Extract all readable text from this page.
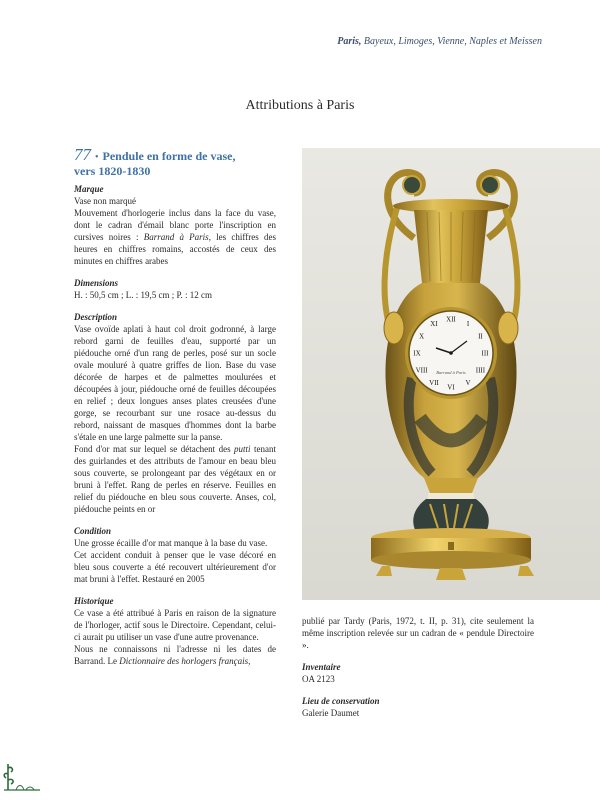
Paris, Bayeux, Limoges, Vienne, Naples et Meissen
Attributions à Paris
77 • Pendule en forme de vase,
vers 1820-1830

Marque

Vase non marqué

Mouvement d'horlogerie inclus dans la face du vase, dont le cadran d'émail blanc porte l'inscription en cursives noires : Barrand à Paris, les chiffres des heures en chiffres romains, accostés de ceux des minutes en chiffres arabes

Dimensions

H. : 50,5 cm ; L. : 19,5 cm ; P. : 12 cm

Description

Vase ovoïde aplati à haut col droit godronné, à large rebord garni de feuilles d'eau, supporté par un piédouche orné d'un rang de perles, posé sur un socle ovale mouluré à quatre griffes de lion. Base du vase décorée de harpes et de palmettes moulurées et découpées à jour, piédouche orné de feuilles découpées en relief ; deux longues anses plates creusées d'une gorge, se recourbant sur une rosace au-dessus du rebord, naissant de masques d'hommes dont la barbe s'étale en une large palmette sur la panse.

Fond d'or mat sur lequel se détachent des putti tenant des guirlandes et des attributs de l'amour en beau bleu sous couverte, se prolongeant par des végétaux en or bruni à l'effet. Rang de perles en réserve. Feuilles en relief du piédouche en bleu sous couverte. Anses, col, piédouche peints en or

Condition

Une grosse écaille d'or mat manque à la base du vase.

Cet accident conduit à penser que le vase décoré en bleu sous couverte a été recouvert ultérieurement d'or mat bruni à l'effet. Restauré en 2005

Historique

Ce vase a été attribué à Paris en raison de la signature de l'horloger, actif sous le Directoire. Cependant, celui-ci aurait pu utiliser un vase d'une autre provenance.

Nous ne connaissons ni l'adresse ni les dates de Barrand. Le Dictionnaire des horlogers français,

XII
I
II
III
IIII
V
VI
VII
VIII
IX
X
XI
Barrand à Paris

publié par Tardy (Paris, 1972, t. II, p. 31), cite seulement la même inscription relevée sur un cadran de « pendule Directoire ».

Inventaire

OA 2123

Lieu de conservation

Galerie Daumet
